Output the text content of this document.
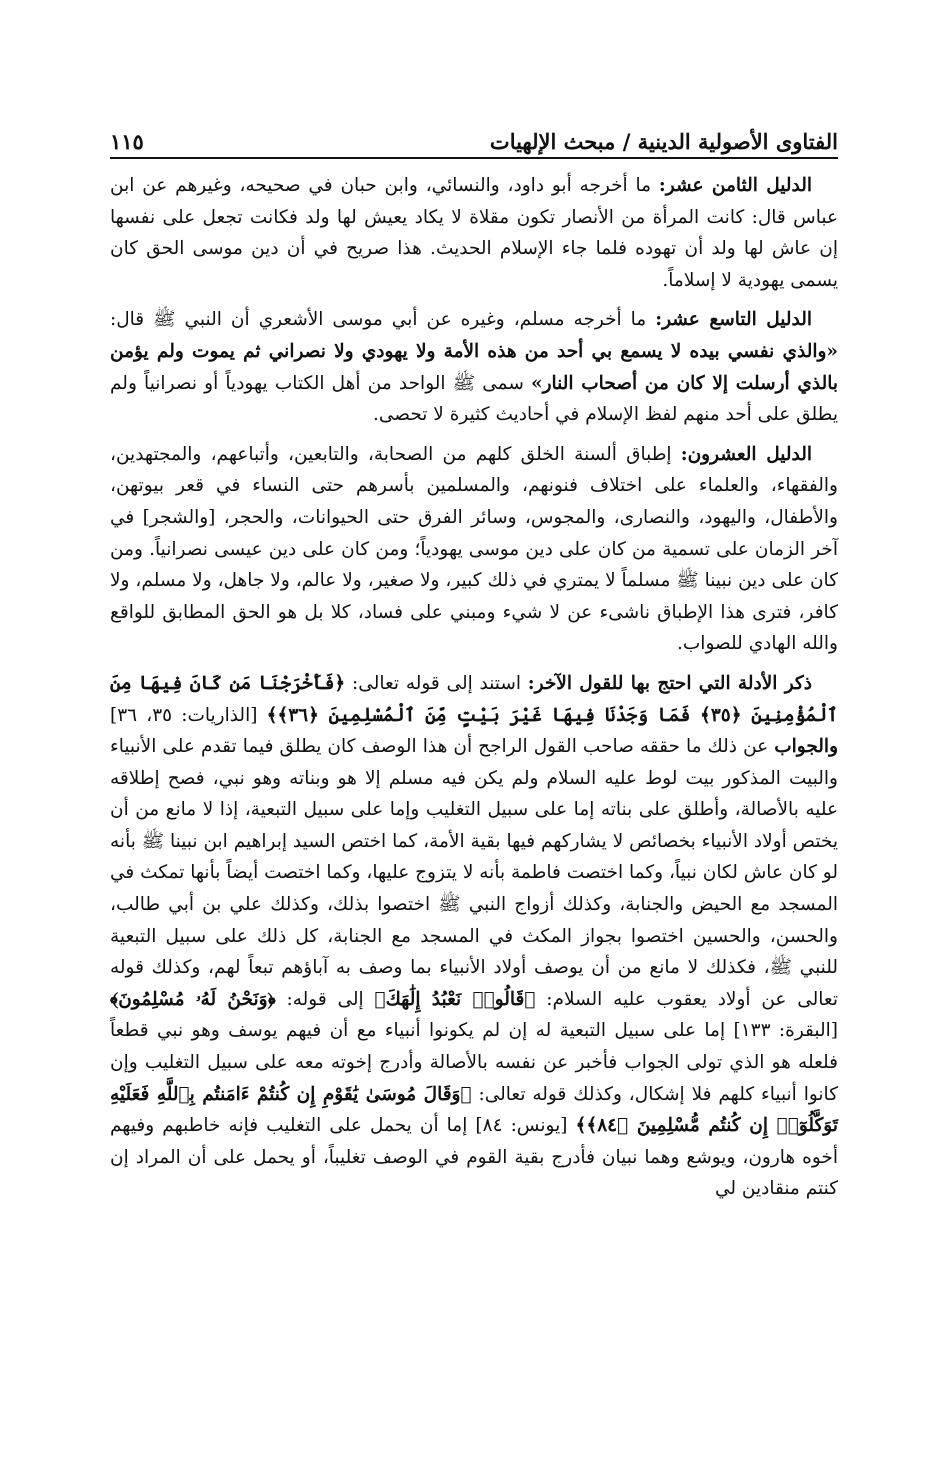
الفتاوى الأصولية الدينية / مبحث الإلهيات
١١٥

الدليل الثامن عشر: ما أخرجه أبو داود، والنسائي، وابن حبان في صحيحه، وغيرهم عن ابن عباس قال: كانت المرأة من الأنصار تكون مقلاة لا يكاد يعيش لها ولد فكانت تجعل على نفسها إن عاش لها ولد أن تهوده فلما جاء الإسلام الحديث. هذا صريح في أن دين موسى الحق كان يسمى يهودية لا إسلاماً.

الدليل التاسع عشر: ما أخرجه مسلم، وغيره عن أبي موسى الأشعري أن النبي ﷺ قال: «والذي نفسي بيده لا يسمع بي أحد من هذه الأمة ولا يهودي ولا نصراني ثم يموت ولم يؤمن بالذي أرسلت إلا كان من أصحاب النار» سمى ﷺ الواحد من أهل الكتاب يهودياً أو نصرانياً ولم يطلق على أحد منهم لفظ الإسلام في أحاديث كثيرة لا تحصى.

الدليل العشرون: إطباق ألسنة الخلق كلهم من الصحابة، والتابعين، وأتباعهم، والمجتهدين، والفقهاء، والعلماء على اختلاف فنونهم، والمسلمين بأسرهم حتى النساء في قعر بيوتهن، والأطفال، واليهود، والنصارى، والمجوس، وسائر الفرق حتى الحيوانات، والحجر، [والشجر] في آخر الزمان على تسمية من كان على دين موسى يهودياً؛ ومن كان على دين عيسى نصرانياً. ومن كان على دين نبينا ﷺ مسلماً لا يمتري في ذلك كبير، ولا صغير، ولا عالم، ولا جاهل، ولا مسلم، ولا كافر، فترى هذا الإطباق ناشىء عن لا شيء ومبني على فساد، كلا بل هو الحق المطابق للواقع والله الهادي للصواب.

ذكر الأدلة التي احتج بها للقول الآخر: استند إلى قوله تعالى: ﴿فَأَخْرَجْنَا مَن كَانَ فِيهَا مِنَ ٱلْمُؤْمِنِينَ ﴿٣٥﴾ فَمَا وَجَدْنَا فِيهَا غَيْرَ بَيْتٍ مِّنَ ٱلْمُسْلِمِينَ ﴿٣٦﴾﴾ [الذاريات: ٣٥، ٣٦] والجواب عن ذلك ما حققه صاحب القول الراجح أن هذا الوصف كان يطلق فيما تقدم على الأنبياء والبيت المذكور بيت لوط عليه السلام ولم يكن فيه مسلم إلا هو وبناته وهو نبي، فصح إطلاقه عليه بالأصالة، وأطلق على بناته إما على سبيل التغليب وإما على سبيل التبعية، إذا لا مانع من أن يختص أولاد الأنبياء بخصائص لا يشاركهم فيها بقية الأمة، كما اختص السيد إبراهيم ابن نبينا ﷺ بأنه لو كان عاش لكان نبياً، وكما اختصت فاطمة بأنه لا يتزوج عليها، وكما اختصت أيضاً بأنها تمكث في المسجد مع الحيض والجنابة، وكذلك أزواج النبي ﷺ اختصوا بذلك، وكذلك علي بن أبي طالب، والحسن، والحسين اختصوا بجواز المكث في المسجد مع الجنابة، كل ذلك على سبيل التبعية للنبي ﷺ، فكذلك لا مانع من أن يوصف أولاد الأنبياء بما وصف به آباؤهم تبعاً لهم، وكذلك قوله تعالى عن أولاد يعقوب عليه السلام: ﴿قَالُوا۟ نَعْبُدُ إِلَٰهَكَ﴾ إلى قوله: ﴿وَنَحْنُ لَهُۥ مُسْلِمُونَ﴾ [البقرة: ١٣٣] إما على سبيل التبعية له إن لم يكونوا أنبياء مع أن فيهم يوسف وهو نبي قطعاً فلعله هو الذي تولى الجواب فأخبر عن نفسه بالأصالة وأدرج إخوته معه على سبيل التغليب وإن كانوا أنبياء كلهم فلا إشكال، وكذلك قوله تعالى: ﴿وَقَالَ مُوسَىٰ يَٰقَوْمِ إِن كُنتُمْ ءَامَنتُم بِٱللَّهِ فَعَلَيْهِ تَوَكَّلُوٓا۟ إِن كُنتُم مُّسْلِمِينَ ﴿٨٤﴾﴾ [يونس: ٨٤] إما أن يحمل على التغليب فإنه خاطبهم وفيهم أخوه هارون، ويوشع وهما نبيان فأدرج بقية القوم في الوصف تغليباً، أو يحمل على أن المراد إن كنتم منقادين لي
